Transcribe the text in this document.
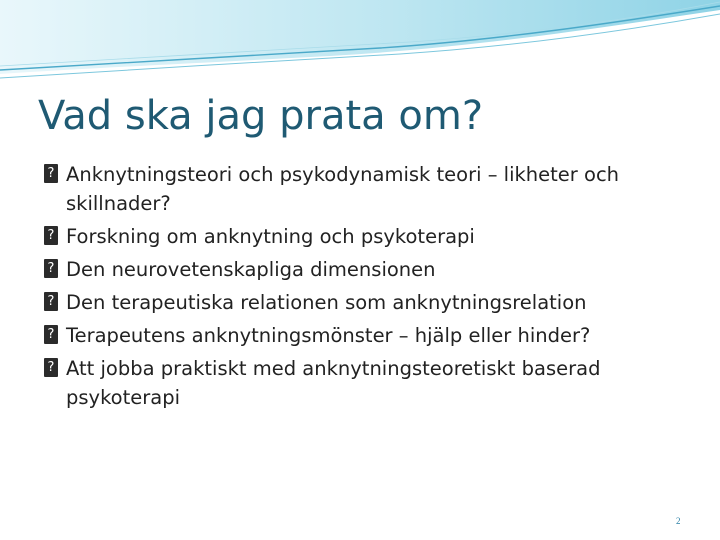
Vad ska jag prata om?
? Anknytningsteori och psykodynamisk teori – likheter och skillnader?
? Forskning om anknytning och psykoterapi
? Den neurovetenskapliga dimensionen
? Den terapeutiska relationen som anknytningsrelation
? Terapeutens anknytningsmönster – hjälp eller hinder?
? Att jobba praktiskt med anknytningsteoretiskt baserad psykoterapi
2
